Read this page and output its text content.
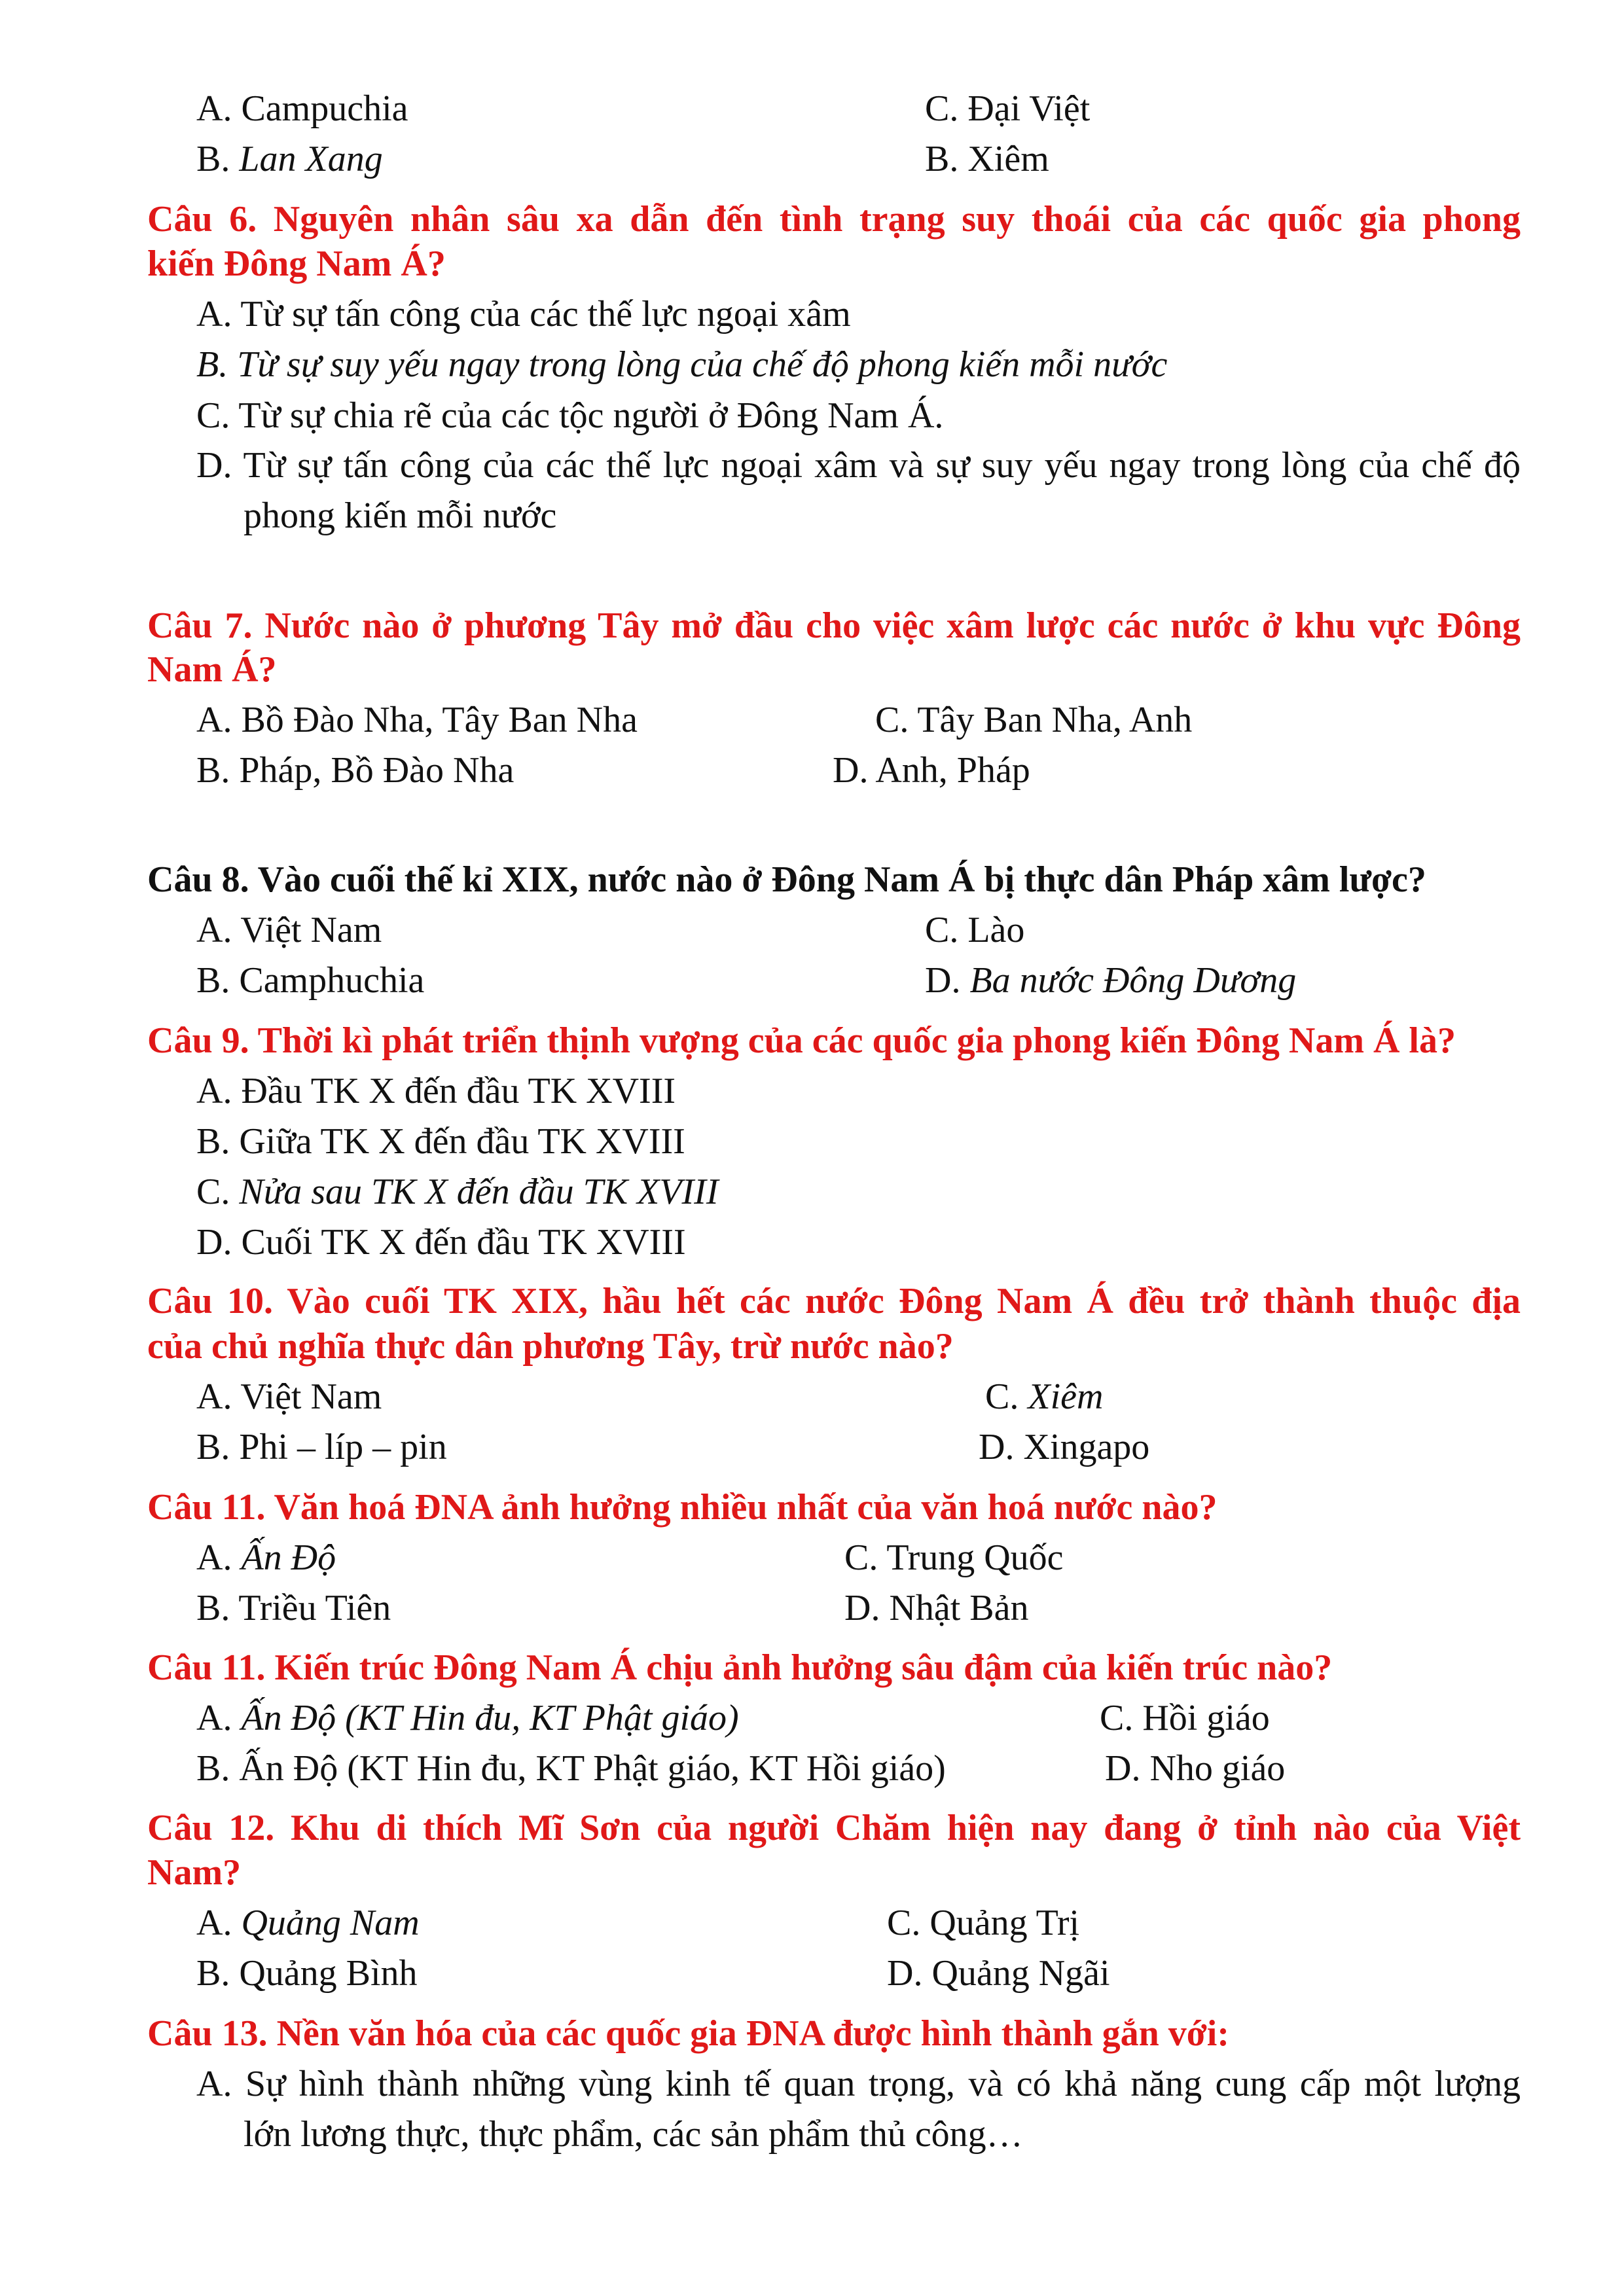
A. Campuchia	C. Đại Việt
B. Lan Xang	B. Xiêm
Câu 6. Nguyên nhân sâu xa dẫn đến tình trạng suy thoái của các quốc gia phong
kiến Đông Nam Á?
A. Từ sự tấn công của các thế lực ngoại xâm
B. Từ sự suy yếu ngay trong lòng của chế độ phong kiến mỗi nước
C. Từ sự chia rẽ của các tộc người ở Đông Nam Á.
D. Từ sự tấn công của các thế lực ngoại xâm và sự suy yếu ngay trong lòng của chế độ
phong kiến mỗi nước
Câu 7. Nước nào ở phương Tây mở đầu cho việc xâm lược các nước ở khu vực Đông
Nam Á?
A. Bồ Đào Nha, Tây Ban Nha	C. Tây Ban Nha, Anh
B. Pháp, Bồ Đào Nha	D. Anh, Pháp
Câu 8. Vào cuối thế kỉ XIX, nước nào ở Đông Nam Á bị thực dân Pháp xâm lược?
A. Việt Nam	C. Lào
B. Camphuchia	D. Ba nước Đông Dương
Câu 9. Thời kì phát triển thịnh vượng của các quốc gia phong kiến Đông Nam Á là?
A. Đầu TK X đến đầu TK XVIII
B. Giữa TK X đến đầu TK XVIII
C. Nửa sau TK X đến đầu TK XVIII
D. Cuối TK X đến đầu TK XVIII
Câu 10. Vào cuối TK XIX, hầu hết các nước Đông Nam Á đều trở thành thuộc địa
của chủ nghĩa thực dân phương Tây, trừ nước nào?
A. Việt Nam	C. Xiêm
B. Phi – líp – pin	D. Xingapo
Câu 11. Văn hoá ĐNA ảnh hưởng nhiều nhất của văn hoá nước nào?
A. Ấn Độ	C. Trung Quốc
B. Triều Tiên	D. Nhật Bản
Câu 11. Kiến trúc Đông Nam Á chịu ảnh hưởng sâu đậm của kiến trúc nào?
A. Ấn Độ (KT Hin đu, KT Phật giáo)	C. Hồi giáo
B. Ấn Độ (KT Hin đu, KT Phật giáo, KT Hồi giáo)	D. Nho giáo
Câu 12. Khu di thích Mĩ Sơn của người Chăm hiện nay đang ở tỉnh nào của Việt
Nam?
A. Quảng Nam	C. Quảng Trị
B. Quảng Bình	D. Quảng Ngãi
Câu 13. Nền văn hóa của các quốc gia ĐNA được hình thành gắn với:
A. Sự hình thành những vùng kinh tế quan trọng, và có khả năng cung cấp một lượng
lớn lương thực, thực phẩm, các sản phẩm thủ công…
